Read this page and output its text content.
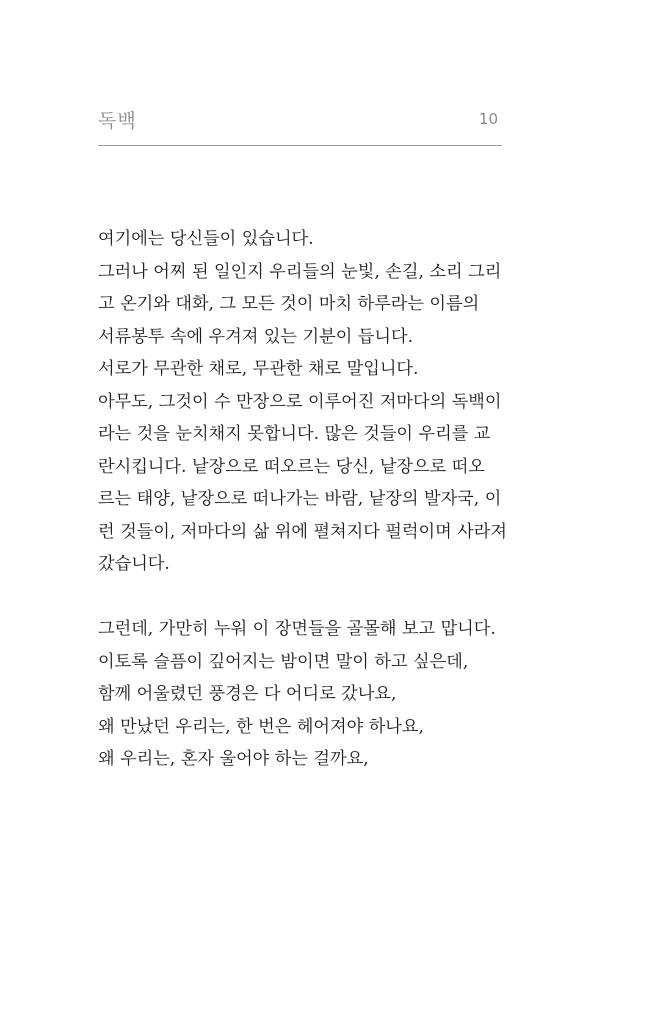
독백	10
여기에는 당신들이 있습니다.
그러나 어찌 된 일인지 우리들의 눈빛, 손길, 소리 그리
고 온기와 대화, 그 모든 것이 마치 하루라는 이름의
서류봉투 속에 우겨져 있는 기분이 듭니다.
서로가 무관한 채로, 무관한 채로 말입니다.
아무도, 그것이 수 만장으로 이루어진 저마다의 독백이
라는 것을 눈치채지 못합니다. 많은 것들이 우리를 교
란시킵니다. 낱장으로 떠오르는 당신, 낱장으로 떠오
르는 태양, 낱장으로 떠나가는 바람, 낱장의 발자국, 이
런 것들이, 저마다의 삶 위에 펼쳐지다 펄럭이며 사라져
갔습니다.
그런데, 가만히 누워 이 장면들을 골몰해 보고 맙니다.
이토록 슬픔이 깊어지는 밤이면 말이 하고 싶은데,
함께 어울렸던 풍경은 다 어디로 갔나요,
왜 만났던 우리는, 한 번은 헤어져야 하나요,
왜 우리는, 혼자 울어야 하는 걸까요,
